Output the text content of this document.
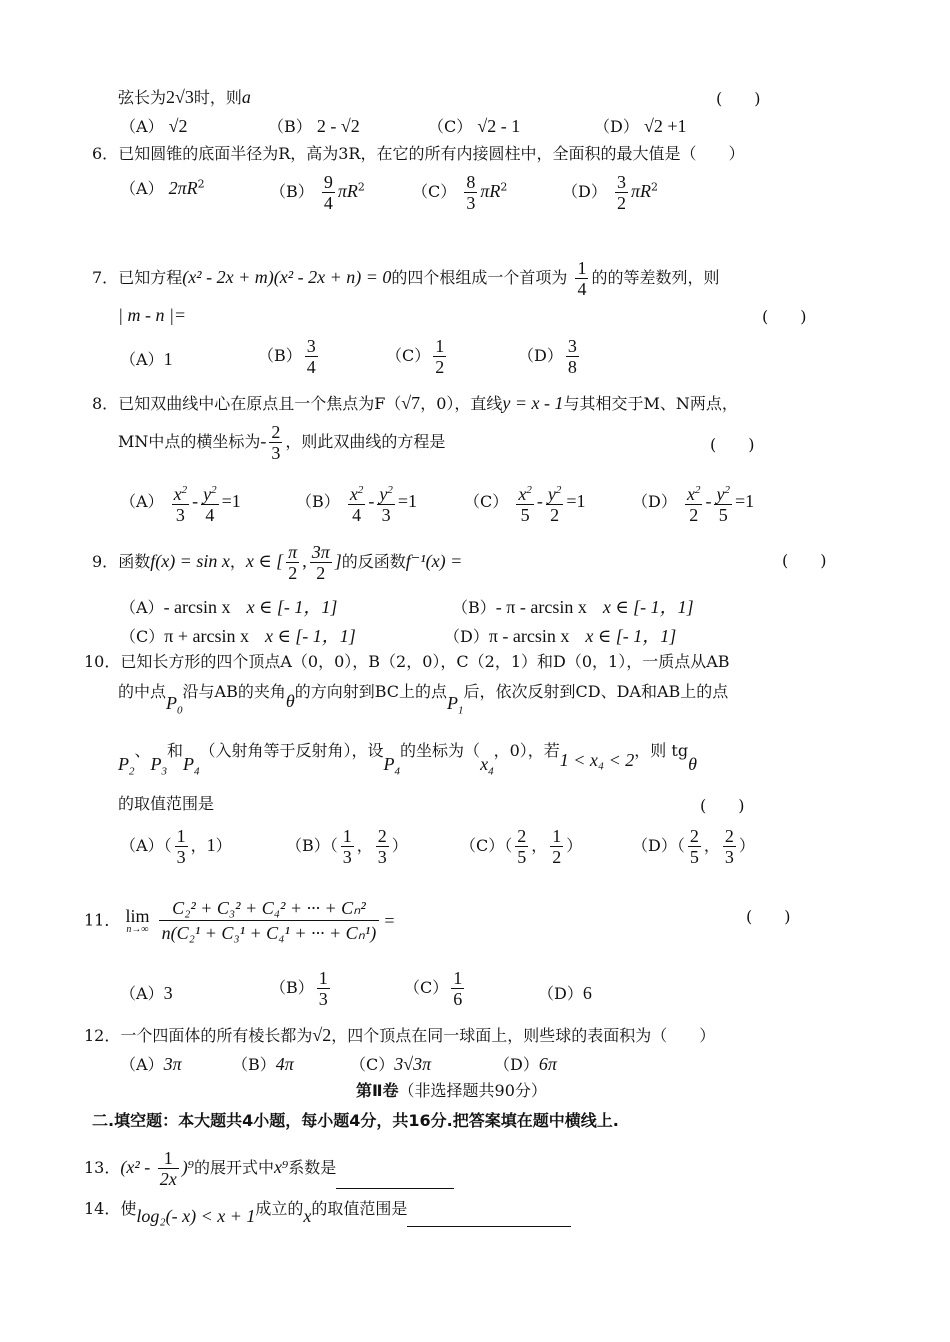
弦长为2√3时，则a	(　　)
（A） √2	（B） 2 - √2	（C） √2 - 1	（D） √2 +1
6．已知圆锥的底面半径为R，高为3R，在它的所有内接圆柱中，全面积的最大值是（　　）
（A） $2\pi R^2$	$(B) \frac{9}{4} \pi R^2$	$(C) \frac{8}{3} \pi R^2$	$(D) \frac{3}{2} \pi R^2$
7．已知方程(x² - 2x + m)(x² - 2x + n) = 0的四个根组成一个首项为 $\frac{1}{4}$ 的的等差数列，则
| m - n |=	(　　)
（A）1	$(B) \frac{3}{4}$	$(C) \frac{1}{2}$	$(D) \frac{3}{8}$
8．已知双曲线中心在原点且一个焦点为F（√7，0），直线y = x - 1与其相交于M、N两点，
MN中点的横坐标为- $\frac{2}{3}$ ，则此双曲线的方程是	(　　)
$(A) \frac{x^2}{3} - \frac{y^2}{4} =1$	$(B) \frac{x^2}{4} - \frac{y^2}{3} =1$	$(C) \frac{x^2}{5} - \frac{y^2}{2} =1$	$(D) \frac{x^2}{2} - \frac{y^2}{5} =1$
9．函数f(x) = sin x，x ∈ [ $\frac{\pi}{2}$ , $\frac{3\pi}{2}$ ]的反函数f⁻¹(x) =	(　　)
（A）- arcsin x　 x ∈ [- 1，1]	（B）- π - arcsin x　 x ∈ [- 1，1]
（C）π + arcsin x　 x ∈ [- 1，1]	（D）π - arcsin x　 x ∈ [- 1，1]
10．已知长方形的四个顶点A（0，0），B（2，0），C（2，1）和D（0，1），一质点从AB
的中点$P_0$沿与AB的夹角θ的方向射到BC上的点$P_1$后，依次反射到CD、DA和AB上的点
$P_2$、$P_3$和$P_4$（入射角等于反射角），设$P_4$的坐标为（$x_4$，0），若1 < x₄ < 2，则 tgθ
的取值范围是	(　　)
$(A)( \frac{1}{3}$ ，1）	$(B)( \frac{1}{3}$ ， $\frac{2}{3}$ ）	$(C)( \frac{2}{5}$ ， $\frac{1}{2}$ ）	$(D)( \frac{2}{5}$ ， $\frac{2}{3}$ ）
11． lim
n→∞
$\frac{\text{C₂² + C₃² + C₄² + ··· + Cₙ²}}{\text{n(C₂¹ + C₃¹ + C₄¹ + ··· + Cₙ¹)}}$ =	(　　)
（A）3	$(B) \frac{1}{3}$	$(C) \frac{1}{6}$	（D）6
12．一个四面体的所有棱长都为√2，四个顶点在同一球面上，则些球的表面积为（　　）
（A）3π	（B）4π	（C）3√3π	（D）6π
第Ⅱ卷（非选择题共90分）
二.填空题：本大题共4小题，每小题4分，共16分.把答案填在题中横线上.
13．$(x^2 - \frac{1}{2x} )^9$的展开式中x⁹系数是
14．使log₂(- x) < x + 1成立的x的取值范围是
